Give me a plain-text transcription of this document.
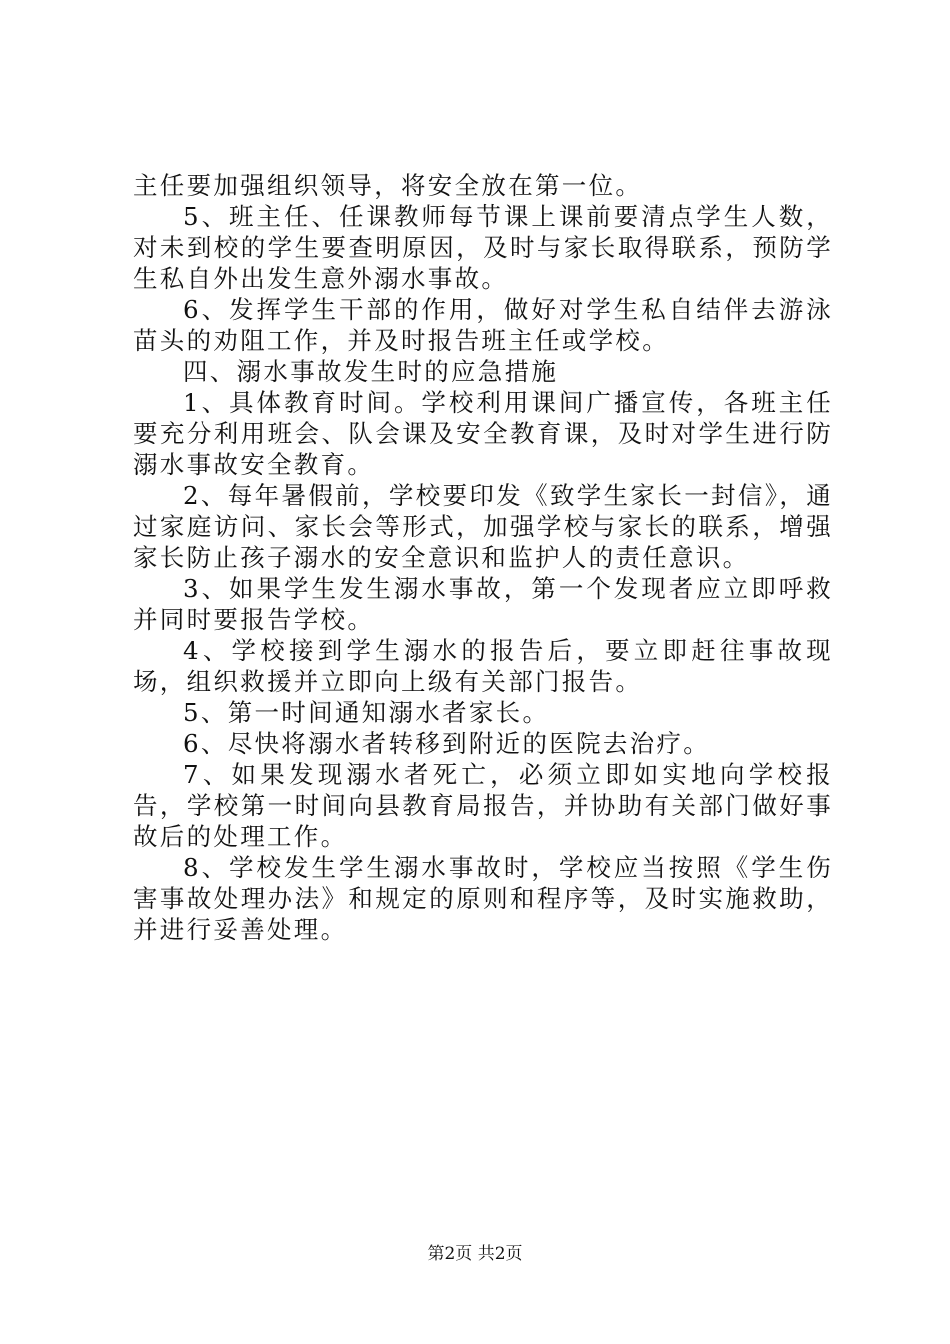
主任要加强组织领导，将安全放在第一位。

5、班主任、任课教师每节课上课前要清点学生人数，对未到校的学生要查明原因，及时与家长取得联系，预防学生私自外出发生意外溺水事故。

6、发挥学生干部的作用，做好对学生私自结伴去游泳苗头的劝阻工作，并及时报告班主任或学校。

四、溺水事故发生时的应急措施

1、具体教育时间。学校利用课间广播宣传，各班主任要充分利用班会、队会课及安全教育课，及时对学生进行防溺水事故安全教育。

2、每年暑假前，学校要印发《致学生家长一封信》，通过家庭访问、家长会等形式，加强学校与家长的联系，增强家长防止孩子溺水的安全意识和监护人的责任意识。

3、如果学生发生溺水事故，第一个发现者应立即呼救并同时要报告学校。

4、学校接到学生溺水的报告后，要立即赶往事故现场，组织救援并立即向上级有关部门报告。

5、第一时间通知溺水者家长。

6、尽快将溺水者转移到附近的医院去治疗。

7、如果发现溺水者死亡，必须立即如实地向学校报告，学校第一时间向县教育局报告，并协助有关部门做好事故后的处理工作。

8、学校发生学生溺水事故时，学校应当按照《学生伤害事故处理办法》和规定的原则和程序等，及时实施救助，并进行妥善处理。

第2页 共2页
